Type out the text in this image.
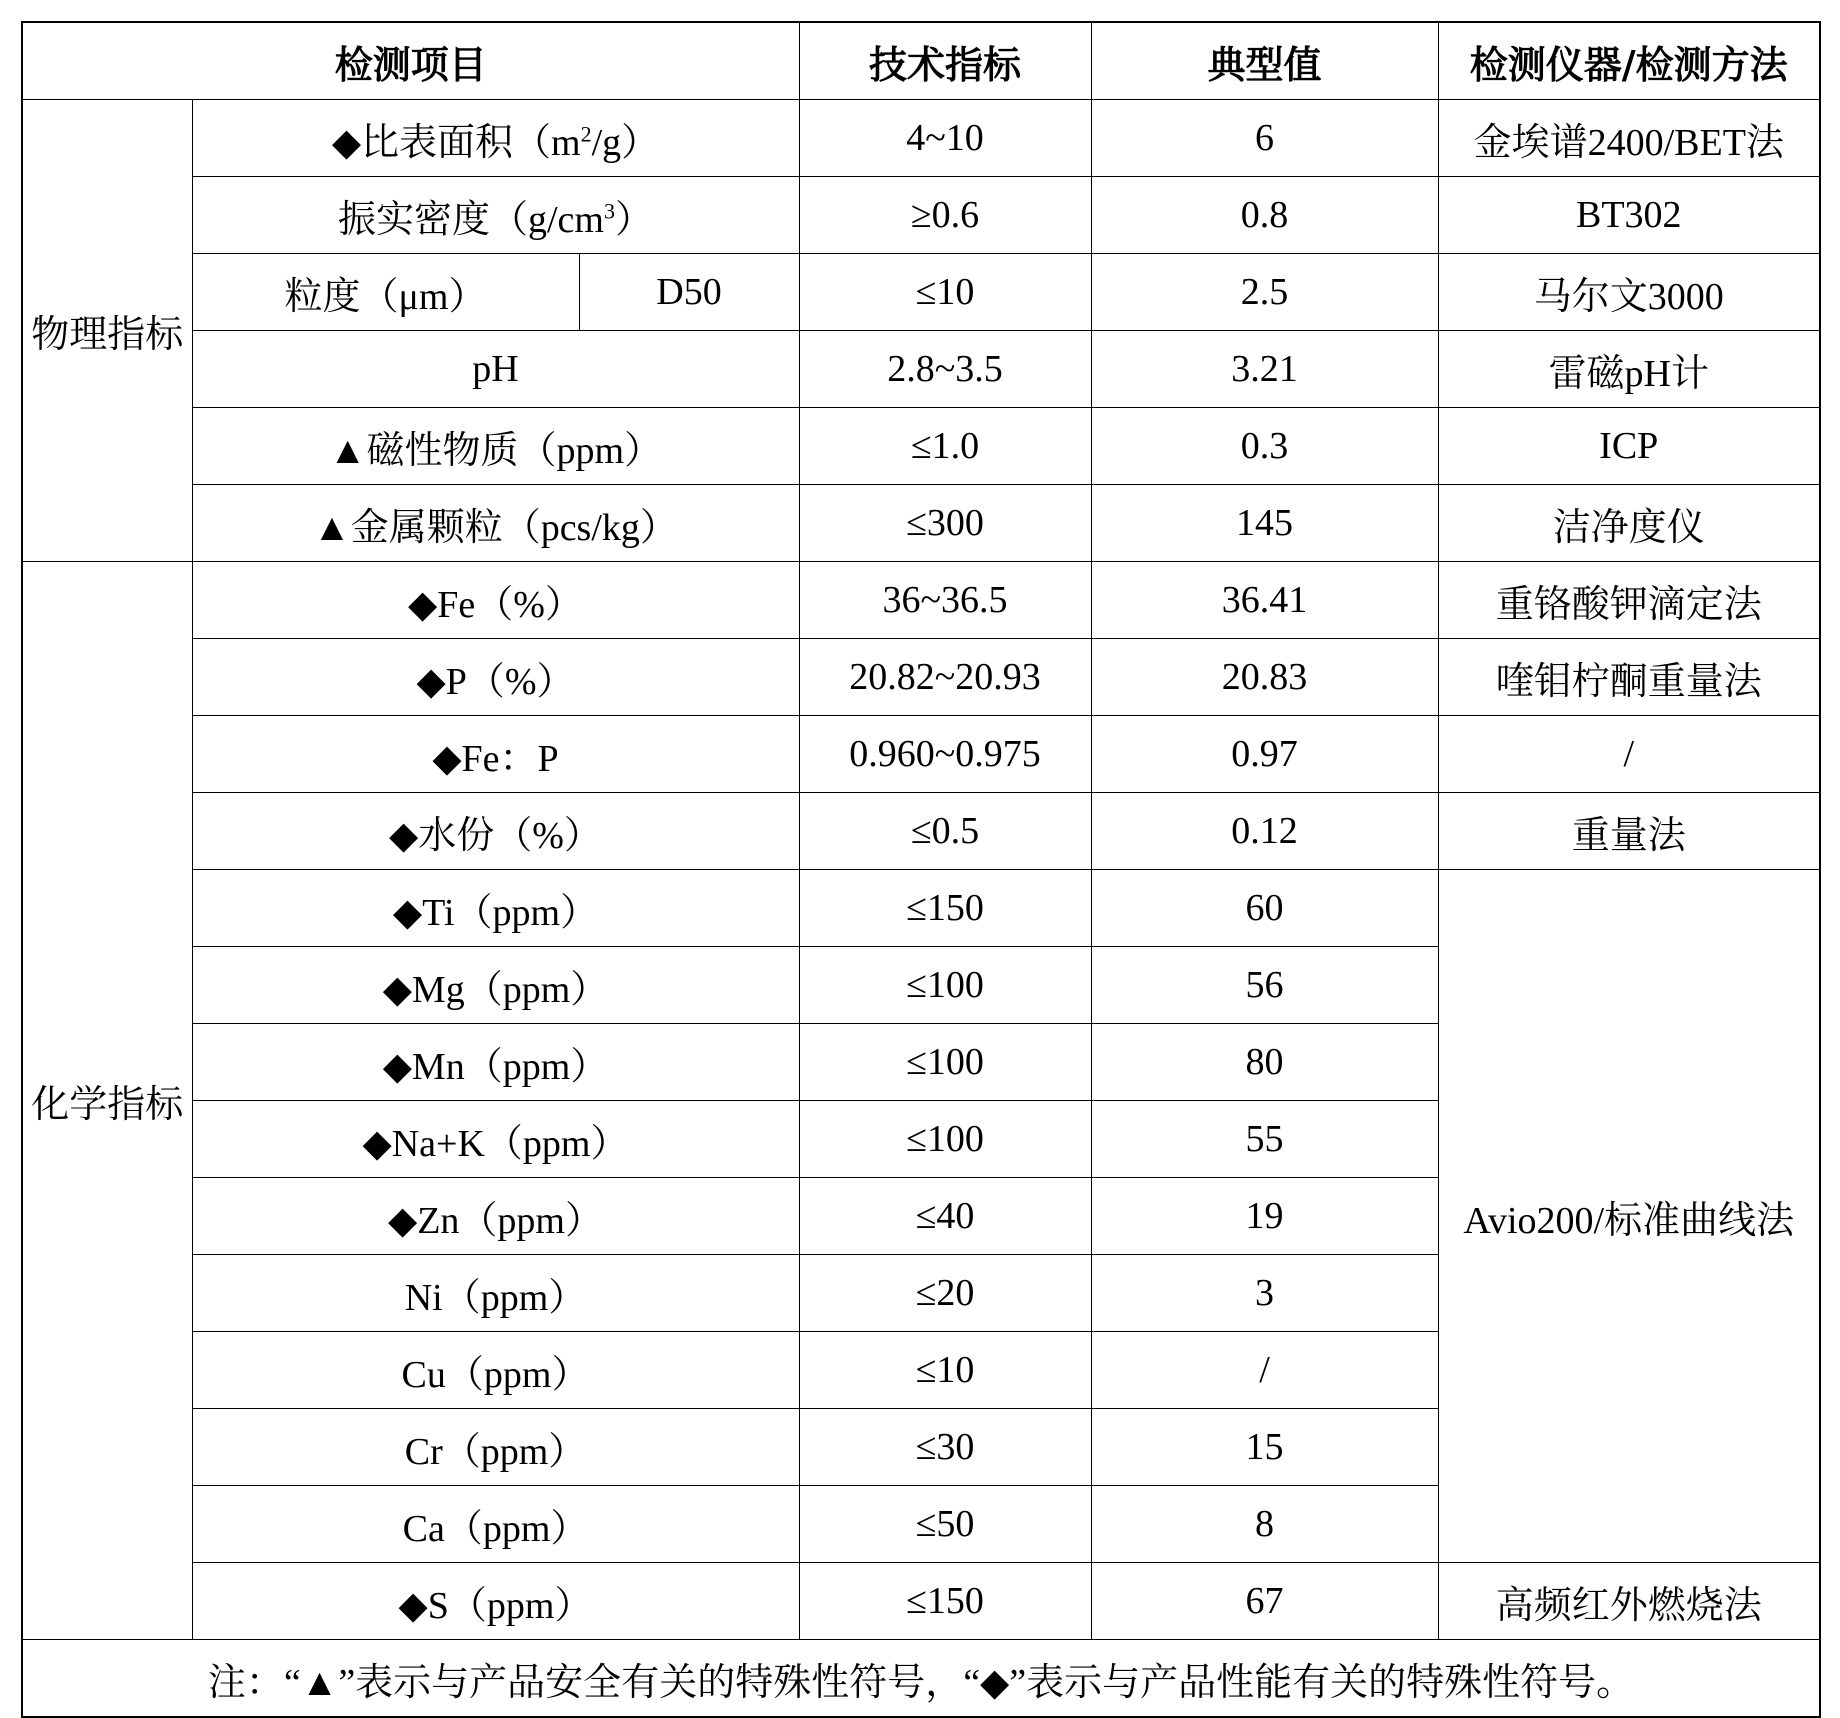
检测项目			技术指标	典型值	检测仪器/检测方法
物理指标	◆比表面积$(m^2/g)$		4~10	6	金埃谱2400/BET法
	振实密度$(g/cm^3)$		≥0.6	0.8	BT302
	粒度（μm）	D50	≤10	2.5	马尔文3000
	pH		2.8~3.5	3.21	雷磁pH计
	▲磁性物质（ppm）		≤1.0	0.3	ICP
	▲金属颗粒（pcs/kg）		≤300	145	洁净度仪
化学指标	◆Fe（%）		36~36.5	36.41	重铬酸钾滴定法
	◆P（%）		20.82~20.93	20.83	喹钼柠酮重量法
	◆Fe：P		0.960~0.975	0.97	/
	◆水份（%）		≤0.5	0.12	重量法
	◆Ti（ppm）		≤150	60	Avio200/标准曲线法
	◆Mg（ppm）		≤100	56	
	◆Mn（ppm）		≤100	80	
	◆Na+K（ppm）		≤100	55	
	◆Zn（ppm）		≤40	19	
	Ni（ppm）		≤20	3	
	Cu（ppm）		≤10	/	
	Cr（ppm）		≤30	15	
	Ca（ppm）		≤50	8	
	◆S（ppm）		≤150	67	高频红外燃烧法
注：“▲”表示与产品安全有关的特殊性符号，“◆”表示与产品性能有关的特殊性符号。					
